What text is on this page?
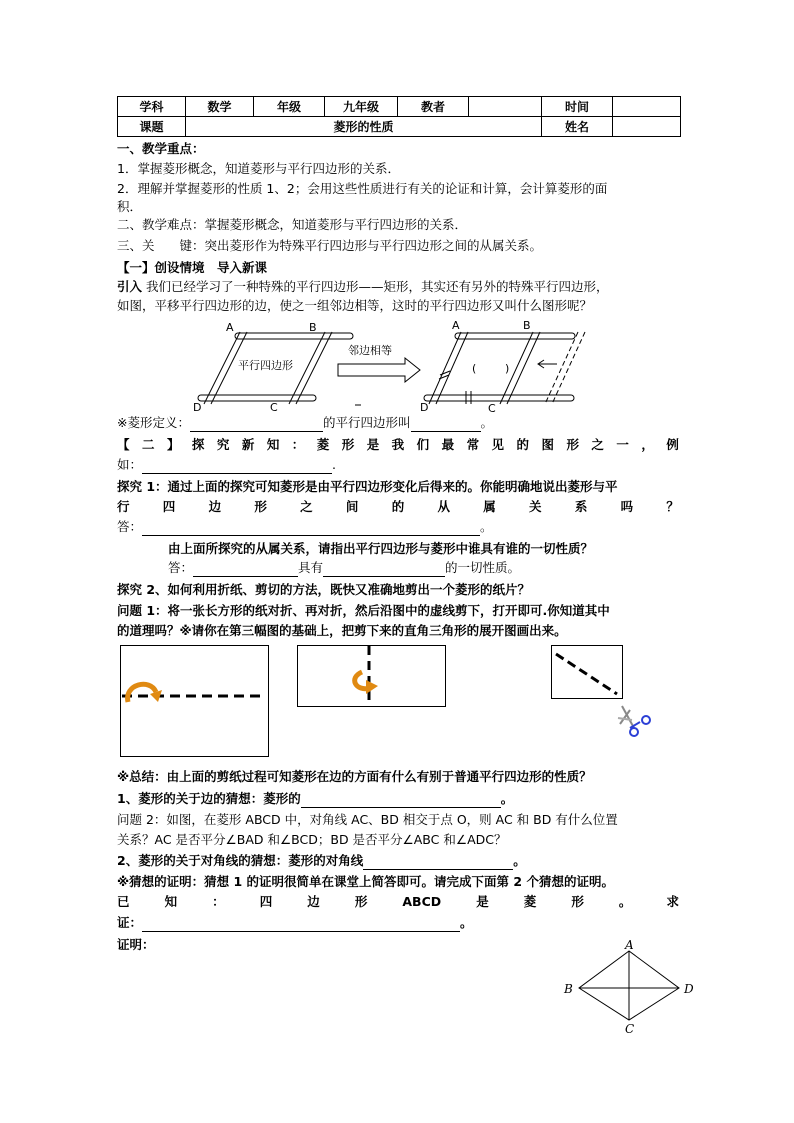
学科	数学	年级	九年级	教者		时间	
课题	菱形的性质					姓名	
一、教学重点：
1．掌握菱形概念，知道菱形与平行四边形的关系．
2．理解并掌握菱形的性质 1、2；会用这些性质进行有关的论证和计算，会计算菱形的面
积．
二、教学难点：掌握菱形概念，知道菱形与平行四边形的关系．
三、关　　键：突出菱形作为特殊平行四边形与平行四边形之间的从属关系。
【一】创设情境　导入新课
引入 我们已经学习了一种特殊的平行四边形——矩形，其实还有另外的特殊平行四边形，
如图，平移平行四边形的边，使之一组邻边相等，这时的平行四边形又叫什么图形呢？
A	B
C
D
平行四边形
邻边相等
A	B
C
D
(	)
※菱形定义：	的平行四边形叫	。
【 二 】 探 究 新 知 ： 菱 形 是 我 们 最 常 见 的 图 形 之 一 ， 例
如：	.
探究 1：通过上面的探究可知菱形是由平行四边形变化后得来的。你能明确地说出菱形与平
行	四	边	形	之	间	的	从	属	关	系	吗	？
答：	。
由上面所探究的从属关系，请指出平行四边形与菱形中谁具有谁的一切性质？
答：	具有	的一切性质。
探究 2、如何利用折纸、剪切的方法，既快又准确地剪出一个菱形的纸片？
问题 1：将一张长方形的纸对折、再对折，然后沿图中的虚线剪下，打开即可.你知道其中
的道理吗？※请你在第三幅图的基础上，把剪下来的直角三角形的展开图画出来。
※总结：由上面的剪纸过程可知菱形在边的方面有什么有别于普通平行四边形的性质？
1、菱形的关于边的猜想：菱形的	。
问题 2：如图，在菱形 ABCD 中，对角线 AC、BD 相交于点 O，则 AC 和 BD 有什么位置
关系？AC 是否平分∠BAD 和∠BCD；BD 是否平分∠ABC 和∠ADC？
2、菱形的关于对角线的猜想：菱形的对角线	。
※猜想的证明：猜想 1 的证明很简单在课堂上简答即可。请完成下面第 2 个猜想的证明。
已	知	：	四	边	形	ABCD	是	菱	形	。	求
证：	。
证明：	A
B
C
D
